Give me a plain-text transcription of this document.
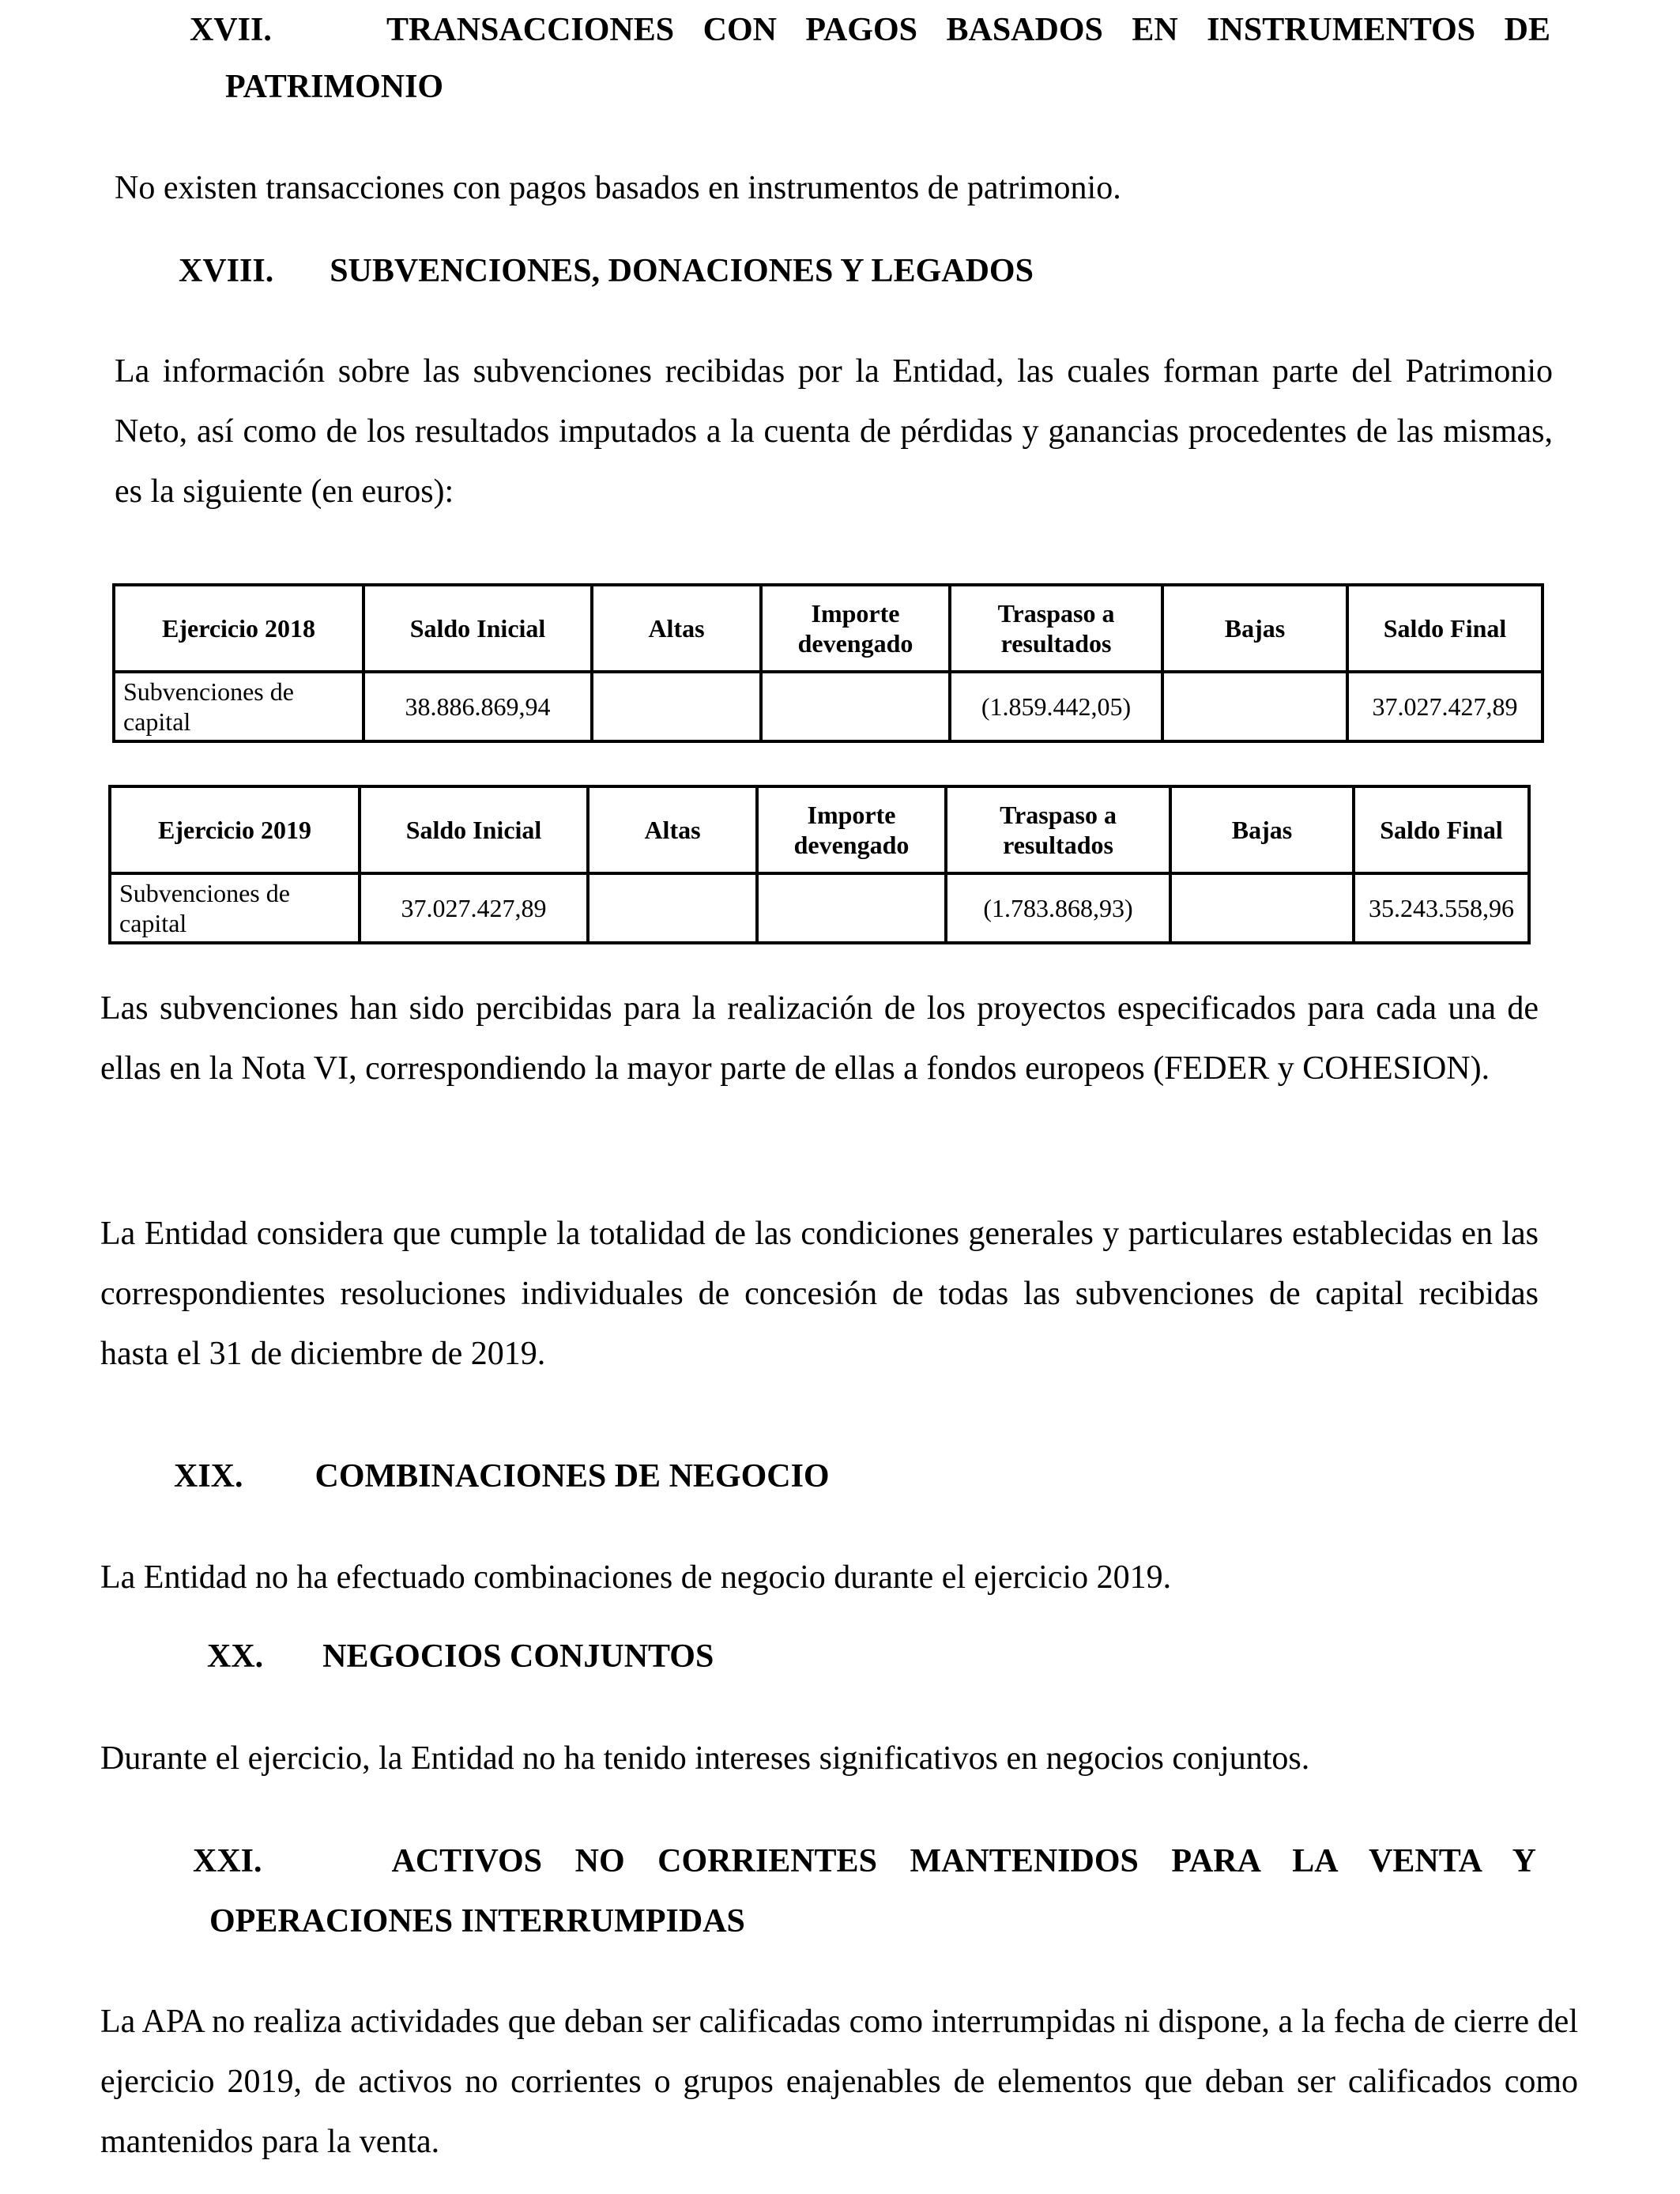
XVII.	TRANSACCIONES CON PAGOS BASADOS EN INSTRUMENTOS DE
PATRIMONIO
No existen transacciones con pagos basados en instrumentos de patrimonio.
XVIII. SUBVENCIONES, DONACIONES Y LEGADOS
La información sobre las subvenciones recibidas por la Entidad, las cuales forman parte del Patrimonio Neto, así como de los resultados imputados a la cuenta de pérdidas y ganancias procedentes de las mismas, es la siguiente (en euros):
Ejercicio 2018	Saldo Inicial	Altas	Importe devengado	Traspaso a resultados	Bajas	Saldo Final
Subvenciones de capital	38.886.869,94			(1.859.442,05)		37.027.427,89
Ejercicio 2019	Saldo Inicial	Altas	Importe devengado	Traspaso a resultados	Bajas	Saldo Final
Subvenciones de capital	37.027.427,89			(1.783.868,93)		35.243.558,96
Las subvenciones han sido percibidas para la realización de los proyectos especificados para cada una de ellas en la Nota VI, correspondiendo la mayor parte de ellas a fondos europeos (FEDER y COHESION).
La Entidad considera que cumple la totalidad de las condiciones generales y particulares establecidas en las correspondientes resoluciones individuales de concesión de todas las subvenciones de capital recibidas hasta el 31 de diciembre de 2019.
XIX. COMBINACIONES DE NEGOCIO
La Entidad no ha efectuado combinaciones de negocio durante el ejercicio 2019.
XX. NEGOCIOS CONJUNTOS
Durante el ejercicio, la Entidad no ha tenido intereses significativos en negocios conjuntos.
XXI.	ACTIVOS NO CORRIENTES MANTENIDOS PARA LA VENTA Y
OPERACIONES INTERRUMPIDAS
La APA no realiza actividades que deban ser calificadas como interrumpidas ni dispone, a la fecha de cierre del ejercicio 2019, de activos no corrientes o grupos enajenables de elementos que deban ser calificados como mantenidos para la venta.
